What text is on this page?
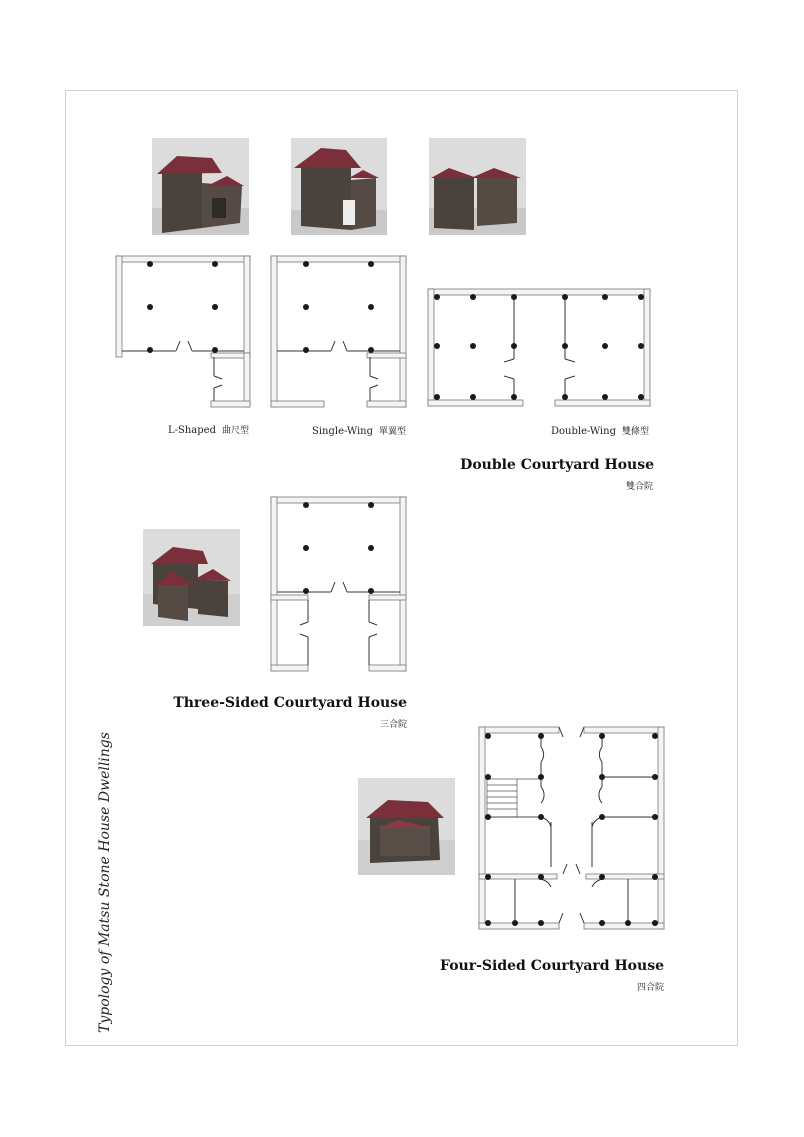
L-Shaped 曲尺型	Single-Wing 單翼型	Double-Wing 雙條型
Double Courtyard House
雙合院
Three-Sided Courtyard House
三合院
Four-Sided Courtyard House
四合院
Typology of Matsu Stone House Dwellings
